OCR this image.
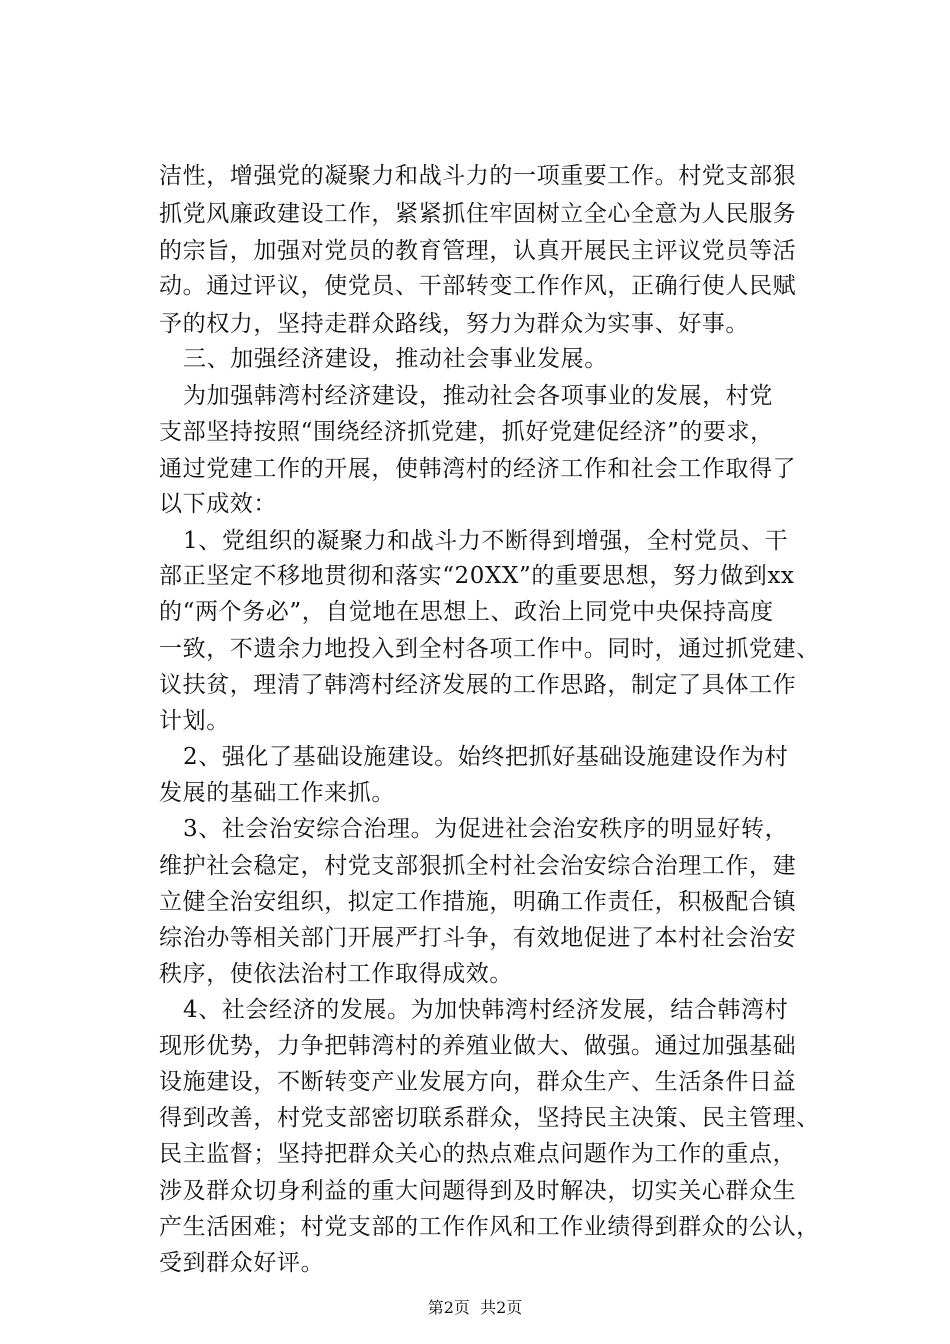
洁性，增强党的凝聚力和战斗力的一项重要工作。村党支部狠
抓党风廉政建设工作，紧紧抓住牢固树立全心全意为人民服务
的宗旨，加强对党员的教育管理，认真开展民主评议党员等活
动。通过评议，使党员、干部转变工作作风，正确行使人民赋
予的权力，坚持走群众路线，努力为群众为实事、好事。
三、加强经济建设，推动社会事业发展。
为加强韩湾村经济建设，推动社会各项事业的发展，村党
支部坚持按照“围绕经济抓党建，抓好党建促经济”的要求，
通过党建工作的开展，使韩湾村的经济工作和社会工作取得了
以下成效：
1、党组织的凝聚力和战斗力不断得到增强，全村党员、干
部正坚定不移地贯彻和落实“20XX”的重要思想，努力做到xx
的“两个务必”，自觉地在思想上、政治上同党中央保持高度
一致，不遗余力地投入到全村各项工作中。同时，通过抓党建、
议扶贫，理清了韩湾村经济发展的工作思路，制定了具体工作
计划。
2、强化了基础设施建设。始终把抓好基础设施建设作为村
发展的基础工作来抓。
3、社会治安综合治理。为促进社会治安秩序的明显好转，
维护社会稳定，村党支部狠抓全村社会治安综合治理工作，建
立健全治安组织，拟定工作措施，明确工作责任，积极配合镇
综治办等相关部门开展严打斗争，有效地促进了本村社会治安
秩序，使依法治村工作取得成效。
4、社会经济的发展。为加快韩湾村经济发展，结合韩湾村
现形优势，力争把韩湾村的养殖业做大、做强。通过加强基础
设施建设，不断转变产业发展方向，群众生产、生活条件日益
得到改善，村党支部密切联系群众，坚持民主决策、民主管理、
民主监督；坚持把群众关心的热点难点问题作为工作的重点，
涉及群众切身利益的重大问题得到及时解决，切实关心群众生
产生活困难；村党支部的工作作风和工作业绩得到群众的公认，
受到群众好评。
第2页  共2页
